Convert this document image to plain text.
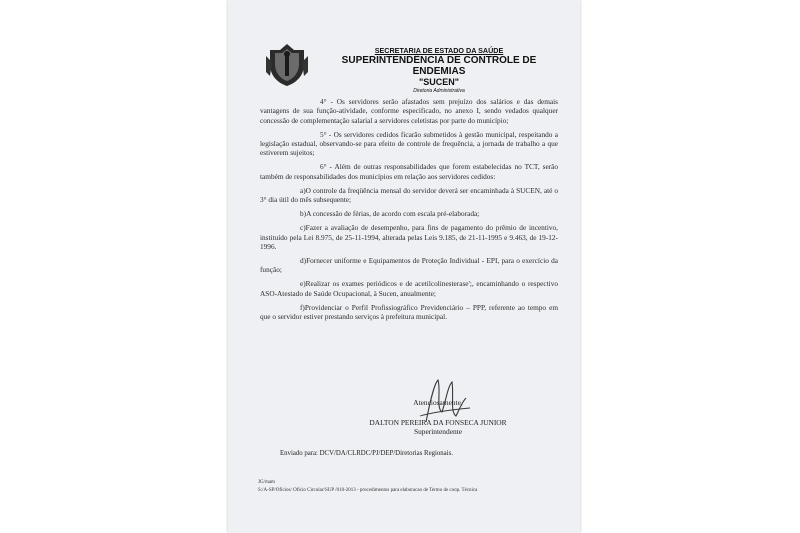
SECRETARIA DE ESTADO DA SAÚDE
SUPERINTENDÊNCIA DE CONTROLE DE ENDEMIAS
"SUCEN"
Diretoria Administrativa

4° - Os servidores serão afastados sem prejuízo dos salários e das demais vantagens de sua função-atividade, conforme especificado, no anexo I, sendo vedados qualquer concessão de complementação salarial a servidores celetistas por parte do município;

5° - Os servidores cedidos ficarão submetidos à gestão municipal, respeitando a legislação estadual, observando-se para efeito de controle de frequência, a jornada de trabalho a que estiverem sujeitos;

6° - Além de outras responsabilidades que forem estabelecidas no TCT, serão também de responsabilidades dos municípios em relação aos servidores cedidos:

a)O controle da freqüência mensal do servidor deverá ser encaminhada à SUCEN, até o 3° dia útil do mês subsequente;

b)A concessão de férias, de acordo com escala pré-elaborada;

c)Fazer a avaliação de desempenho, para fins de pagamento do prêmio de incentivo, instituído pela Lei 8.975, de 25-11-1994, alterada pelas Leis 9.185, de 21-11-1995 e 9.463, de 19-12-1996.

d)Fornecer uniforme e Equipamentos de Proteção Individual - EPI, para o exercício da função;

e)Realizar os exames periódicos e de acetilcolinesterase';, encaminhando o respectivo ASO-Atestado de Saúde Ocupacional, à Sucen, anualmente;

f)Providenciar o Perfil Profissiográfico Previdenciário – PPP, referente ao tempo em que o servidor estiver prestando serviços à prefeitura municipal.

Atenciosamente,
DALTON PEREIRA DA FONSECA JUNIOR
Superintendente
Enviado para: DCV/DA/CLRDC/PJ/DEP/Diretorias Regionais.
JG/mam
S:/A-SP/Ofícios/ Ofício Circular/SUP /010-2013 - procedimentos para elaboracao de Termo de coop. Técnica
